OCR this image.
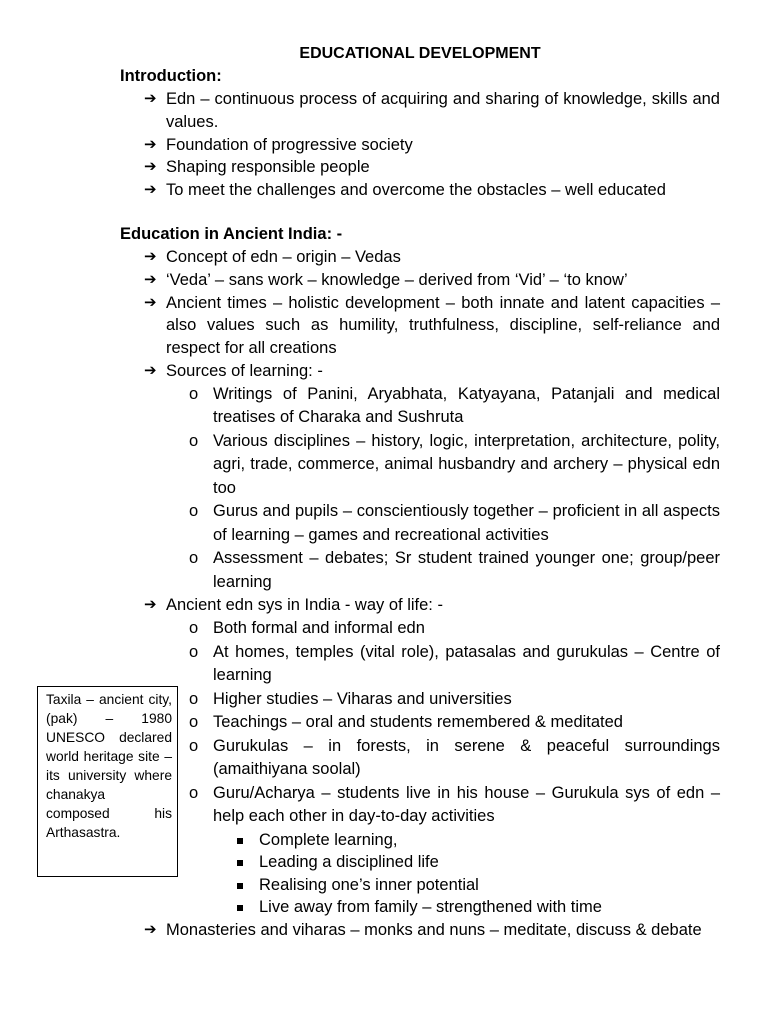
EDUCATIONAL DEVELOPMENT
Introduction:
➔ Edn – continuous process of acquiring and sharing of knowledge, skills and values.
➔ Foundation of progressive society
➔ Shaping responsible people
➔ To meet the challenges and overcome the obstacles – well educated
Education in Ancient India: -
➔ Concept of edn – origin – Vedas
➔ ‘Veda’ – sans work – knowledge – derived from ‘Vid’ – ‘to know’
➔ Ancient times – holistic development – both innate and latent capacities – also values such as humility, truthfulness, discipline, self-reliance and respect for all creations
➔ Sources of learning: -
o Writings of Panini, Aryabhata, Katyayana, Patanjali and medical treatises of Charaka and Sushruta
o Various disciplines – history, logic, interpretation, architecture, polity, agri, trade, commerce, animal husbandry and archery – physical edn too
o Gurus and pupils – conscientiously together – proficient in all aspects of learning – games and recreational activities
o Assessment – debates; Sr student trained younger one; group/peer learning
➔ Ancient edn sys in India - way of life: -
o Both formal and informal edn
o At homes, temples (vital role), patasalas and gurukulas – Centre of learning
o Higher studies – Viharas and universities
o Teachings – oral and students remembered & meditated
o Gurukulas – in forests, in serene & peaceful surroundings (amaithiyana soolal)
o Guru/Acharya – students live in his house – Gurukula sys of edn – help each other in day-to-day activities
Complete learning,
Leading a disciplined life
Realising one’s inner potential
Live away from family – strengthened with time
➔ Monasteries and viharas – monks and nuns – meditate, discuss & debate
Taxila – ancient city, (pak) – 1980 UNESCO declared world heritage site – its university where chanakya composed his Arthasastra.
